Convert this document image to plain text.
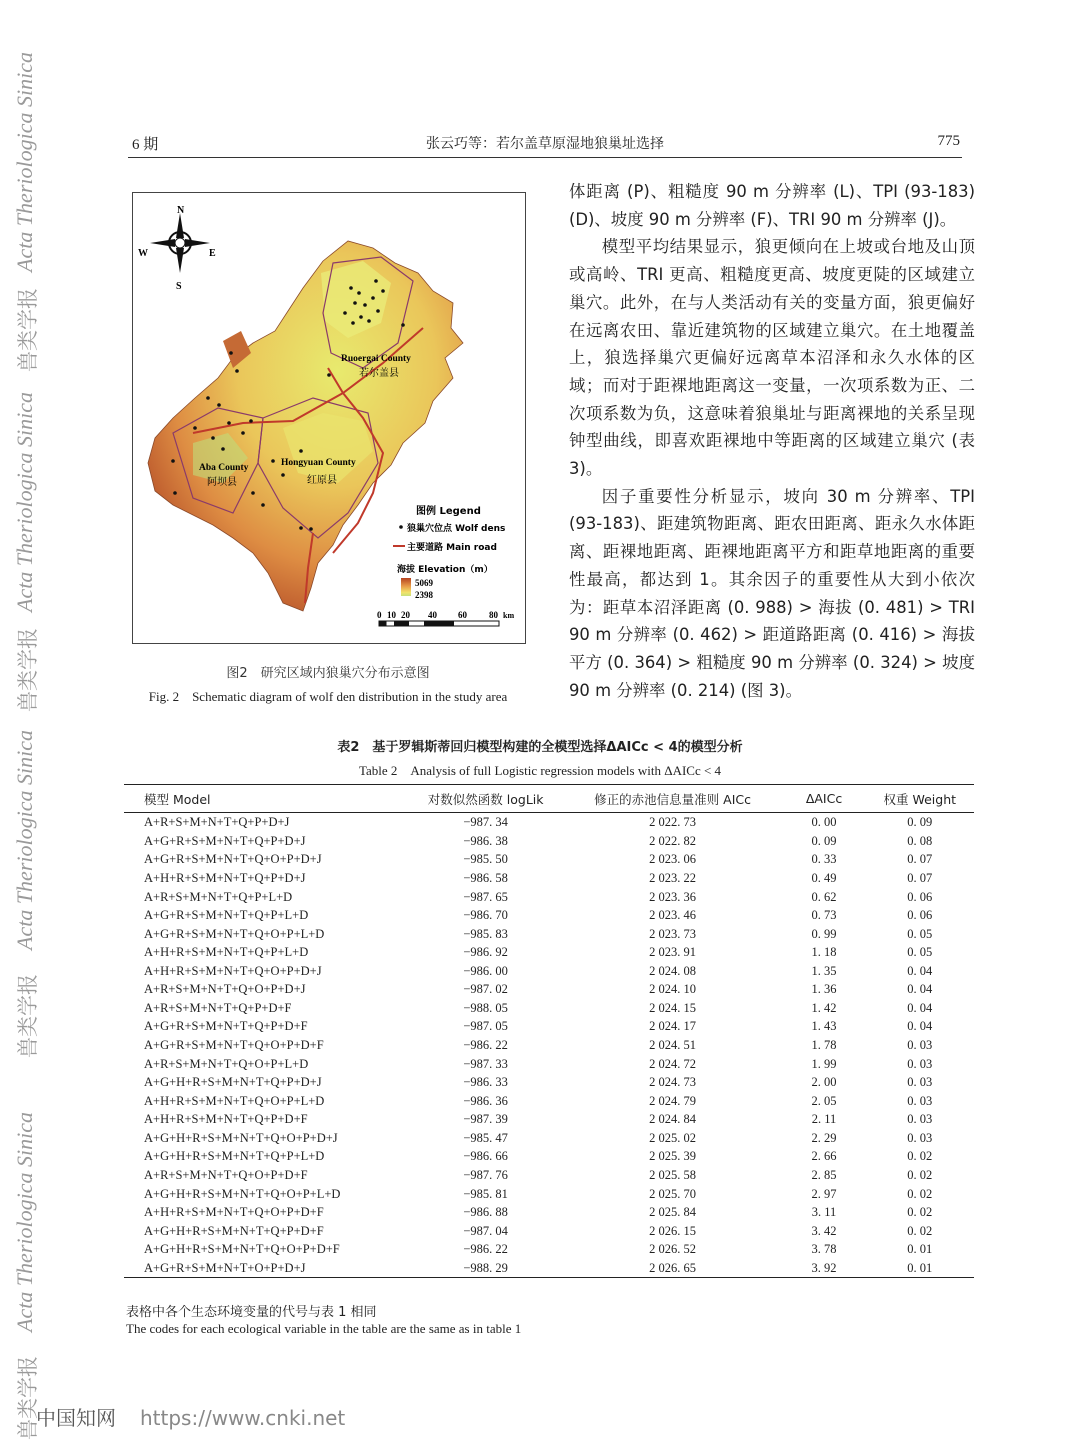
Acta Theriologica Sinica
兽类学报
Acta Theriologica Sinica
兽类学报
Acta Theriologica Sinica
兽类学报
Acta Theriologica Sinica
兽类学报
6 期	张云巧等：若尔盖草原湿地狼巢址选择	775
N
S
W	E
Ruoergai County
若尔盖县
Hongyuan County
红原县
Aba County
阿坝县
图例 Legend
狼巢穴位点 Wolf dens
主要道路 Main road
海拔 Elevation（m）
5069
2398
0 10 20 40 60 80 km
图2　研究区域内狼巢穴分布示意图
Fig. 2　Schematic diagram of wolf den distribution in the study area

体距离 (P)、粗糙度 90 m 分辨率 (L)、TPI (93-183) (D)、坡度 90 m 分辨率 (F)、TRI 90 m 分辨率 (J)。

模型平均结果显示，狼更倾向在上坡或台地及山顶或高岭、TRI 更高、粗糙度更高、坡度更陡的区域建立巢穴。此外，在与人类活动有关的变量方面，狼更偏好在远离农田、靠近建筑物的区域建立巢穴。在土地覆盖上，狼选择巢穴更偏好远离草本沼泽和永久水体的区域；而对于距裸地距离这一变量，一次项系数为正、二次项系数为负，这意味着狼巢址与距离裸地的关系呈现钟型曲线，即喜欢距裸地中等距离的区域建立巢穴 (表 3)。

因子重要性分析显示，坡向 30 m 分辨率、TPI (93-183)、距建筑物距离、距农田距离、距永久水体距离、距裸地距离、距裸地距离平方和距草地距离的重要性最高，都达到 1。其余因子的重要性从大到小依次为：距草本沼泽距离 (0. 988) > 海拔 (0. 481) > TRI 90 m 分辨率 (0. 462) > 距道路距离 (0. 416) > 海拔平方 (0. 364) > 粗糙度 90 m 分辨率 (0. 324) > 坡度 90 m 分辨率 (0. 214) (图 3)。

表2　基于罗辑斯蒂回归模型构建的全模型选择ΔAICc < 4的模型分析
Table 2　Analysis of full Logistic regression models with ΔAICc < 4
模型 Model	对数似然函数 logLik	修正的赤池信息量准则 AICc	ΔAICc	权重 Weight
A+R+S+M+N+T+Q+P+D+J	−987. 34	2 022. 73	0. 00	0. 09
A+G+R+S+M+N+T+Q+P+D+J	−986. 38	2 022. 82	0. 09	0. 08
A+G+R+S+M+N+T+Q+O+P+D+J	−985. 50	2 023. 06	0. 33	0. 07
A+H+R+S+M+N+T+Q+P+D+J	−986. 58	2 023. 22	0. 49	0. 07
A+R+S+M+N+T+Q+P+L+D	−987. 65	2 023. 36	0. 62	0. 06
A+G+R+S+M+N+T+Q+P+L+D	−986. 70	2 023. 46	0. 73	0. 06
A+G+R+S+M+N+T+Q+O+P+L+D	−985. 83	2 023. 73	0. 99	0. 05
A+H+R+S+M+N+T+Q+P+L+D	−986. 92	2 023. 91	1. 18	0. 05
A+H+R+S+M+N+T+Q+O+P+D+J	−986. 00	2 024. 08	1. 35	0. 04
A+R+S+M+N+T+Q+O+P+D+J	−987. 02	2 024. 10	1. 36	0. 04
A+R+S+M+N+T+Q+P+D+F	−988. 05	2 024. 15	1. 42	0. 04
A+G+R+S+M+N+T+Q+P+D+F	−987. 05	2 024. 17	1. 43	0. 04
A+G+R+S+M+N+T+Q+O+P+D+F	−986. 22	2 024. 51	1. 78	0. 03
A+R+S+M+N+T+Q+O+P+L+D	−987. 33	2 024. 72	1. 99	0. 03
A+G+H+R+S+M+N+T+Q+P+D+J	−986. 33	2 024. 73	2. 00	0. 03
A+H+R+S+M+N+T+Q+O+P+L+D	−986. 36	2 024. 79	2. 05	0. 03
A+H+R+S+M+N+T+Q+P+D+F	−987. 39	2 024. 84	2. 11	0. 03
A+G+H+R+S+M+N+T+Q+O+P+D+J	−985. 47	2 025. 02	2. 29	0. 03
A+G+H+R+S+M+N+T+Q+P+L+D	−986. 66	2 025. 39	2. 66	0. 02
A+R+S+M+N+T+Q+O+P+D+F	−987. 76	2 025. 58	2. 85	0. 02
A+G+H+R+S+M+N+T+Q+O+P+L+D	−985. 81	2 025. 70	2. 97	0. 02
A+H+R+S+M+N+T+Q+O+P+D+F	−986. 88	2 025. 84	3. 11	0. 02
A+G+H+R+S+M+N+T+Q+P+D+F	−987. 04	2 026. 15	3. 42	0. 02
A+G+H+R+S+M+N+T+Q+O+P+D+F	−986. 22	2 026. 52	3. 78	0. 01
A+G+R+S+M+N+T+O+P+D+J	−988. 29	2 026. 65	3. 92	0. 01
表格中各个生态环境变量的代号与表 1 相同
The codes for each ecological variable in the table are the same as in table 1
中国知网 https://www.cnki.net
